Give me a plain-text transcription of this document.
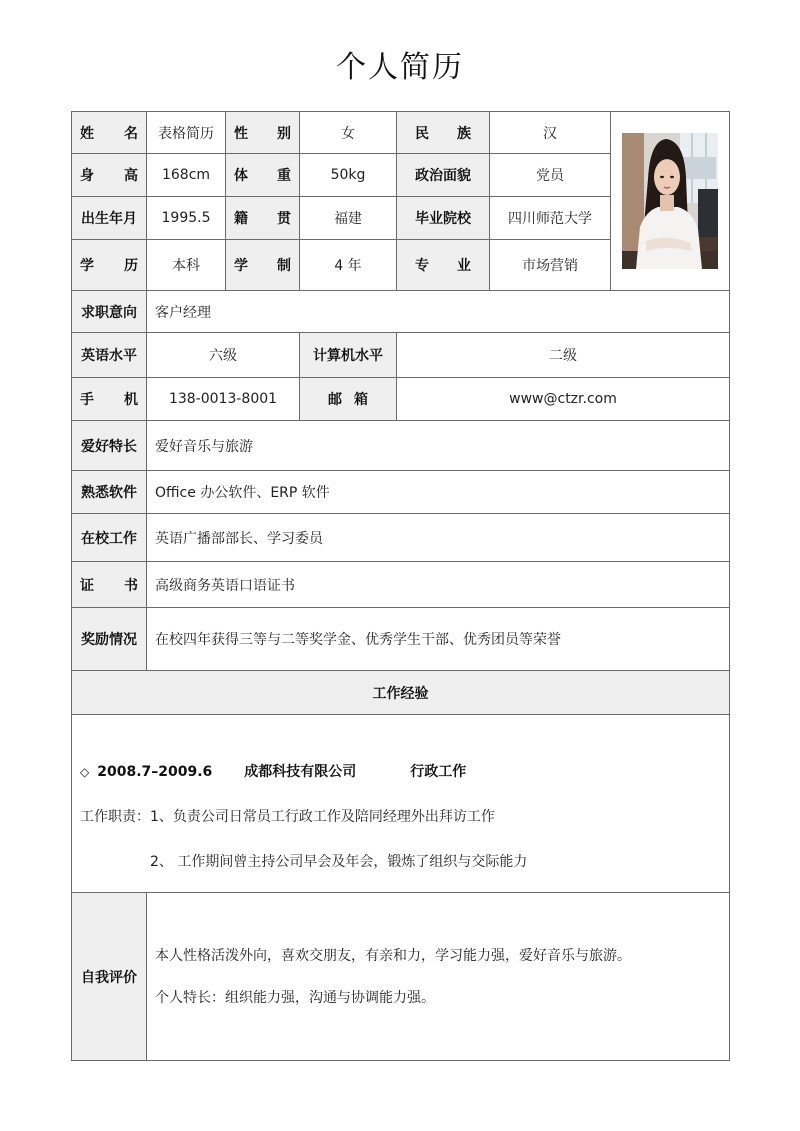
个人简历
姓名	表格简历	性别	女	民族	汉	

身高	168cm	体重	50kg	政治面貌	党员	
出生年月	1995.5	籍贯	福建	毕业院校	四川师范大学	
学历	本科	学制	4 年	专业	市场营销	
求职意向	客户经理					
英语水平	六级		计算机水平	二级		
手机	138-0013-8001		邮箱	www@ctzr.com		
爱好特长	爱好音乐与旅游					
熟悉软件	Office 办公软件、ERP 软件					
在校工作	英语广播部部长、学习委员					
证书	高级商务英语口语证书					
奖励情况	在校四年获得三等与二等奖学金、优秀学生干部、优秀团员等荣誉					
工作经验						

◇ 2008.7–2009.6 成都科技有限公司 行政工作
工作职责：1、负责公司日常员工行政工作及陪同经理外出拜访工作
2、 工作期间曾主持公司早会及年会，锻炼了组织与交际能力						

自我评价	本人性格活泼外向，喜欢交朋友，有亲和力，学习能力强，爱好音乐与旅游。

个人特长：组织能力强，沟通与协调能力强。					
